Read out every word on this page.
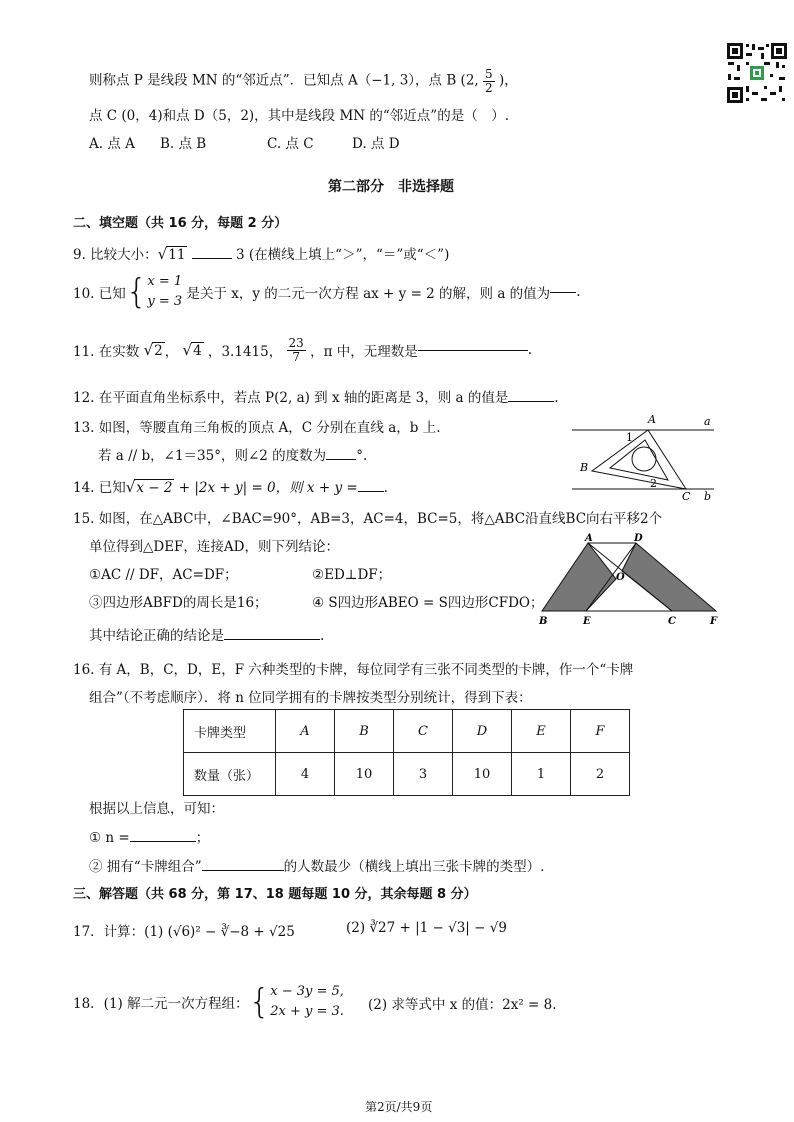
则称点 P 是线段 MN 的“邻近点”．已知点 A（−1, 3），点 B (2, $\frac{5}{2}$ )，
点 C (0，4)和点 D（5，2)，其中是线段 MN 的“邻近点”的是（　）.
A. 点 A B. 点 B	C. 点 C	D. 点 D
第二部分　非选择题
二、填空题（共 16 分，每题 2 分）
9. 比较大小：√11	3 (在横线上填上“＞”，“＝”或“＜”)
10. 已知{x = 1
y = 3 是关于 x，y 的二元一次方程 ax + y = 2 的解，则 a 的值为 .
11. 在实数 √2 ， √4 ，3.1415， $\frac{23}{7}$ ，π 中，无理数是	.
12. 在平面直角坐标系中，若点 P(2, a) 到 x 轴的距离是 3，则 a 的值是	.
13. 如图，等腰直角三角板的顶点 A，C 分别在直线 a，b 上.
若 a // b，∠1＝35°，则∠2 的度数为 °.
A	a
1
B
2
C b
14. 已知√x − 2 + |2x + y| = 0，则 x + y = .
15. 如图，在△ABC中，∠BAC=90°，AB=3，AC=4，BC=5，将△ABC沿直线BC向右平移2个
单位得到△DEF，连接AD，则下列结论：
①AC // DF，AC=DF；	②ED⊥DF；
③四边形ABFD的周长是16；	④ S四边形ABEO = S四边形CFDO；
其中结论正确的结论是	.
A	D
O
B	E	C	F
16. 有 A，B，C，D，E，F 六种类型的卡牌，每位同学有三张不同类型的卡牌，作一个“卡牌
组合”（不考虑顺序）．将 n 位同学拥有的卡牌按类型分别统计，得到下表：
卡牌类型	A	B	C	D	E	F
数量（张）	4	10	3	10	1	2
根据以上信息，可知：
① n =	；
② 拥有“卡牌组合”	的人数最少（横线上填出三张卡牌的类型）.
三、解答题（共 68 分，第 17、18 题每题 10 分，其余每题 8 分）
17．计算：(1) (√6)² − ∛−8 + √25	(2) ∛27 + |1 − √3| − √9
18．(1) 解二元一次方程组：{x − 3y = 5,
2x + y = 3. (2) 求等式中 x 的值：2x² = 8.
第2页/共9页
